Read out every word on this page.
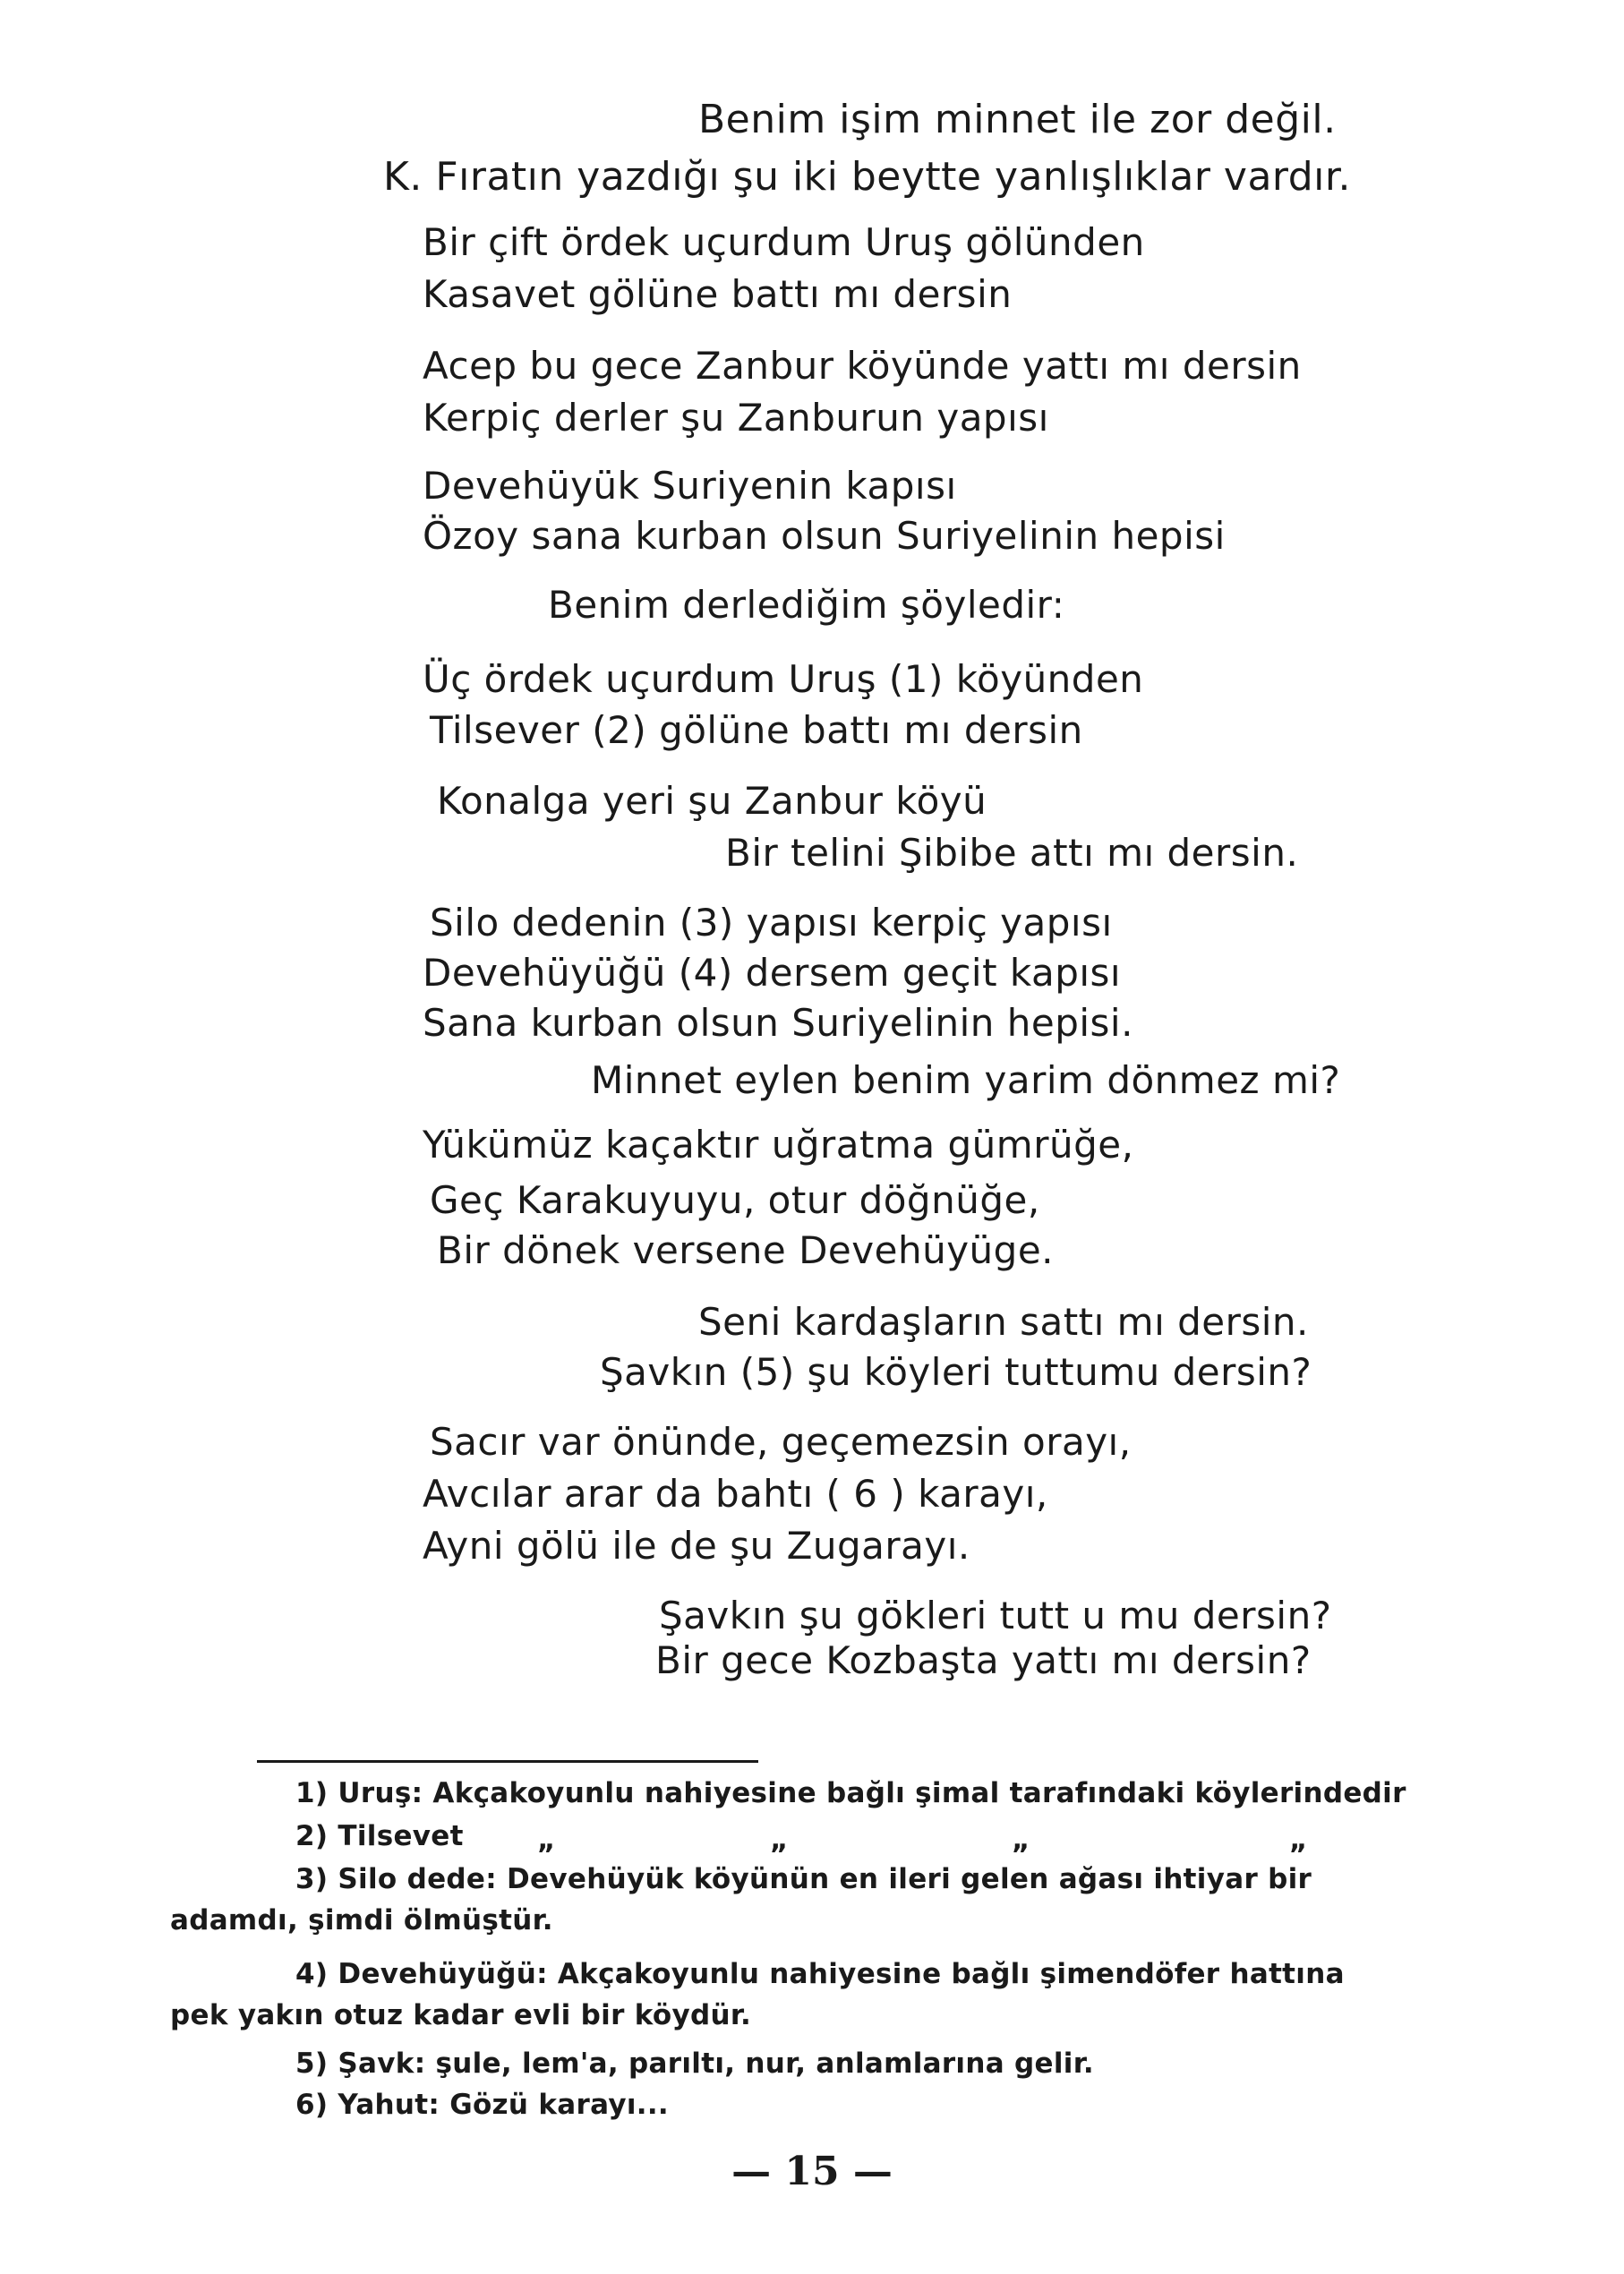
Benim işim minnet ile zor değil.
K. Fıratın yazdığı şu iki beytte yanlışlıklar vardır.
Bir çift ördek uçurdum Uruş gölünden
Kasavet gölüne battı mı dersin
Acep bu gece Zanbur köyünde yattı mı dersin
Kerpiç derler şu Zanburun yapısı
Devehüyük Suriyenin kapısı
Özoy sana kurban olsun Suriyelinin hepisi
Benim derlediğim şöyledir:
Üç ördek uçurdum Uruş (1) köyünden
Tilsever (2) gölüne battı mı dersin
Konalga yeri şu Zanbur köyü
Bir telini Şibibe attı mı dersin.
Silo dedenin (3) yapısı kerpiç yapısı
Devehüyüğü (4) dersem geçit kapısı
Sana kurban olsun Suriyelinin hepisi.
Minnet eylen benim yarim dönmez mi?
Yükümüz kaçaktır uğratma gümrüğe,
Geç Karakuyuyu, otur döğnüğe,
Bir dönek versene Devehüyüge.
Seni kardaşların sattı mı dersin.
Şavkın (5) şu köyleri tuttumu dersin?
Sacır var önünde, geçemezsin orayı,
Avcılar arar da bahtı ( 6 ) karayı,
Ayni gölü ile de şu Zugarayı.
Şavkın şu gökleri tutt u mu dersin?
Bir gece Kozbaşta yattı mı dersin?
1) Uruş: Akçakoyunlu nahiyesine bağlı şimal tarafındaki köylerindedir
2) Tilsevet	„	„	„	„
3) Silo dede: Devehüyük köyünün en ileri gelen ağası ihtiyar bir
adamdı, şimdi ölmüştür.
4) Devehüyüğü: Akçakoyunlu nahiyesine bağlı şimendöfer hattına
pek yakın otuz kadar evli bir köydür.
5) Şavk: şule, lem'a, parıltı, nur, anlamlarına gelir.
6) Yahut: Gözü karayı...
— 15 —
